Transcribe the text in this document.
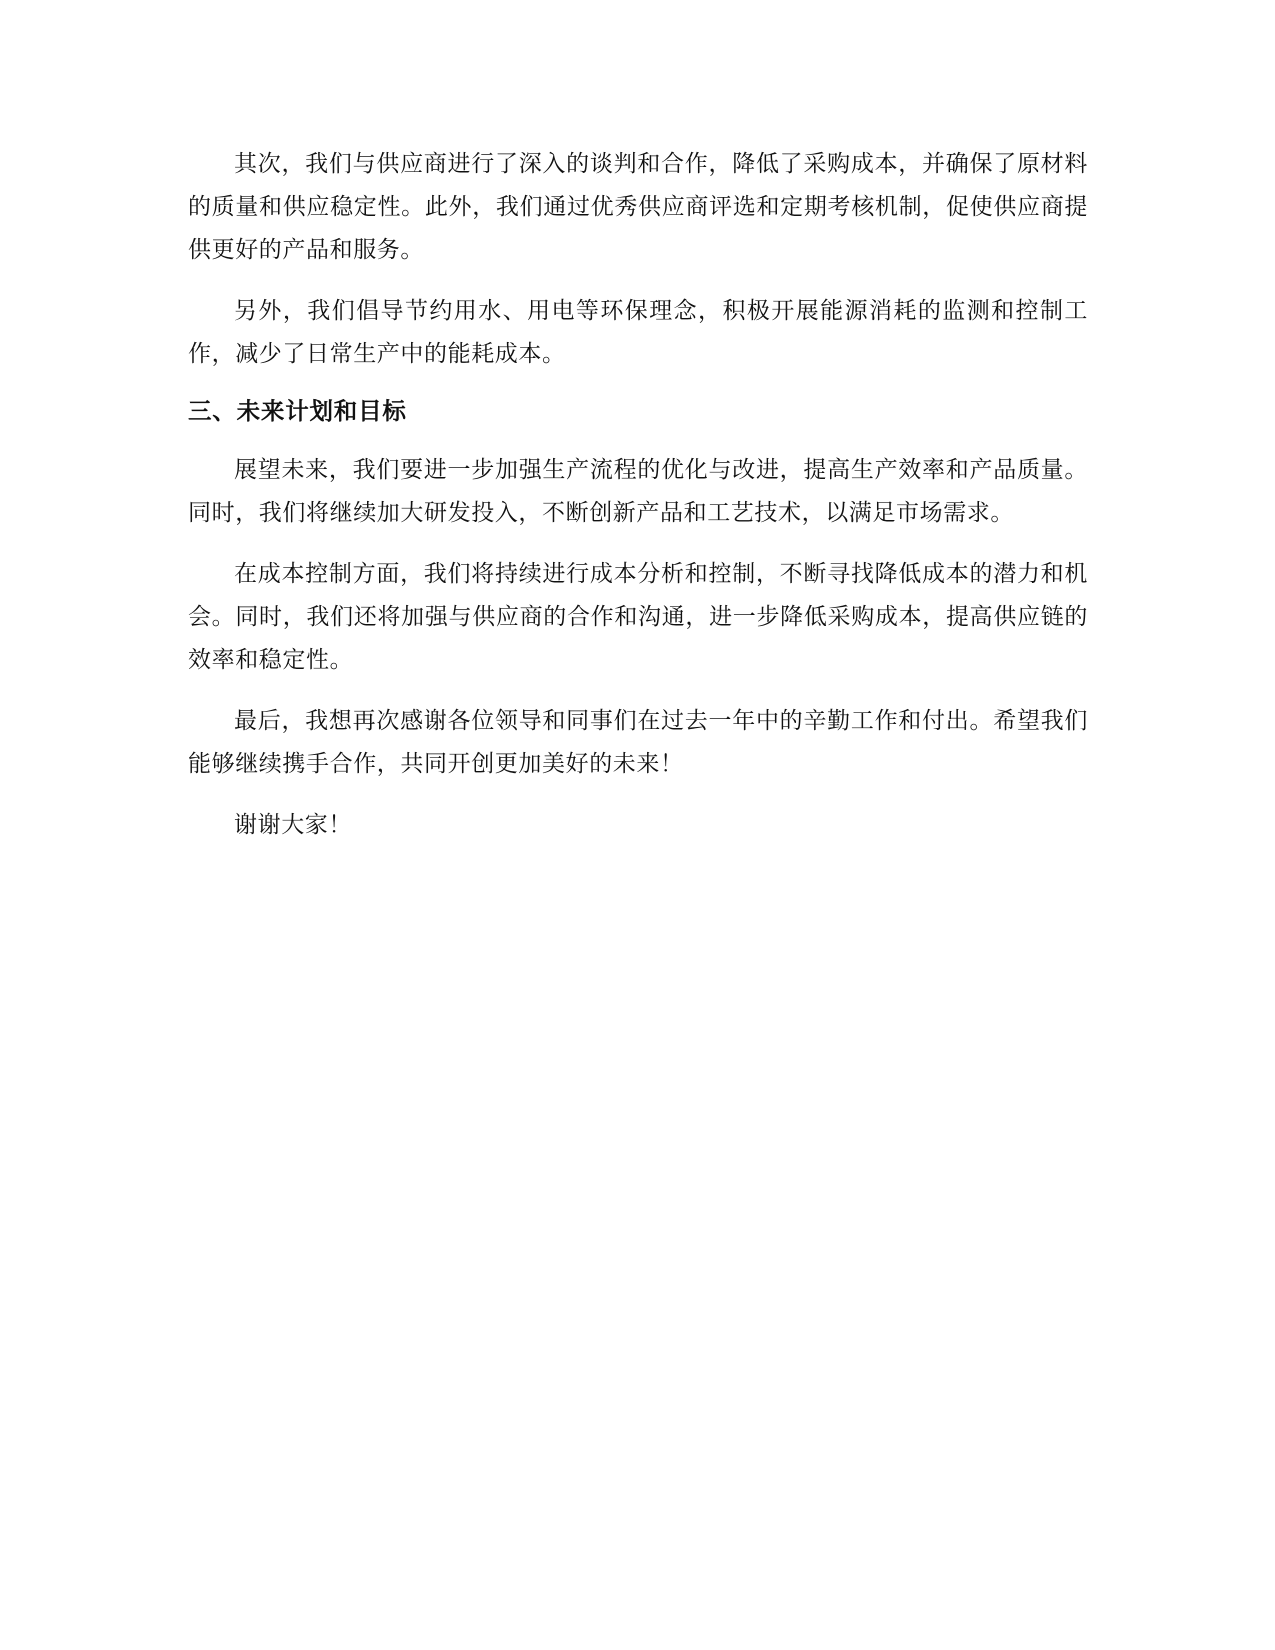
其次，我们与供应商进行了深入的谈判和合作，降低了采购成本，并确保了原材料的质量和供应稳定性。此外，我们通过优秀供应商评选和定期考核机制，促使供应商提供更好的产品和服务。

另外，我们倡导节约用水、用电等环保理念，积极开展能源消耗的监测和控制工作，减少了日常生产中的能耗成本。

三、未来计划和目标

展望未来，我们要进一步加强生产流程的优化与改进，提高生产效率和产品质量。同时，我们将继续加大研发投入，不断创新产品和工艺技术，以满足市场需求。

在成本控制方面，我们将持续进行成本分析和控制，不断寻找降低成本的潜力和机会。同时，我们还将加强与供应商的合作和沟通，进一步降低采购成本，提高供应链的效率和稳定性。

最后，我想再次感谢各位领导和同事们在过去一年中的辛勤工作和付出。希望我们能够继续携手合作，共同开创更加美好的未来！

谢谢大家！
